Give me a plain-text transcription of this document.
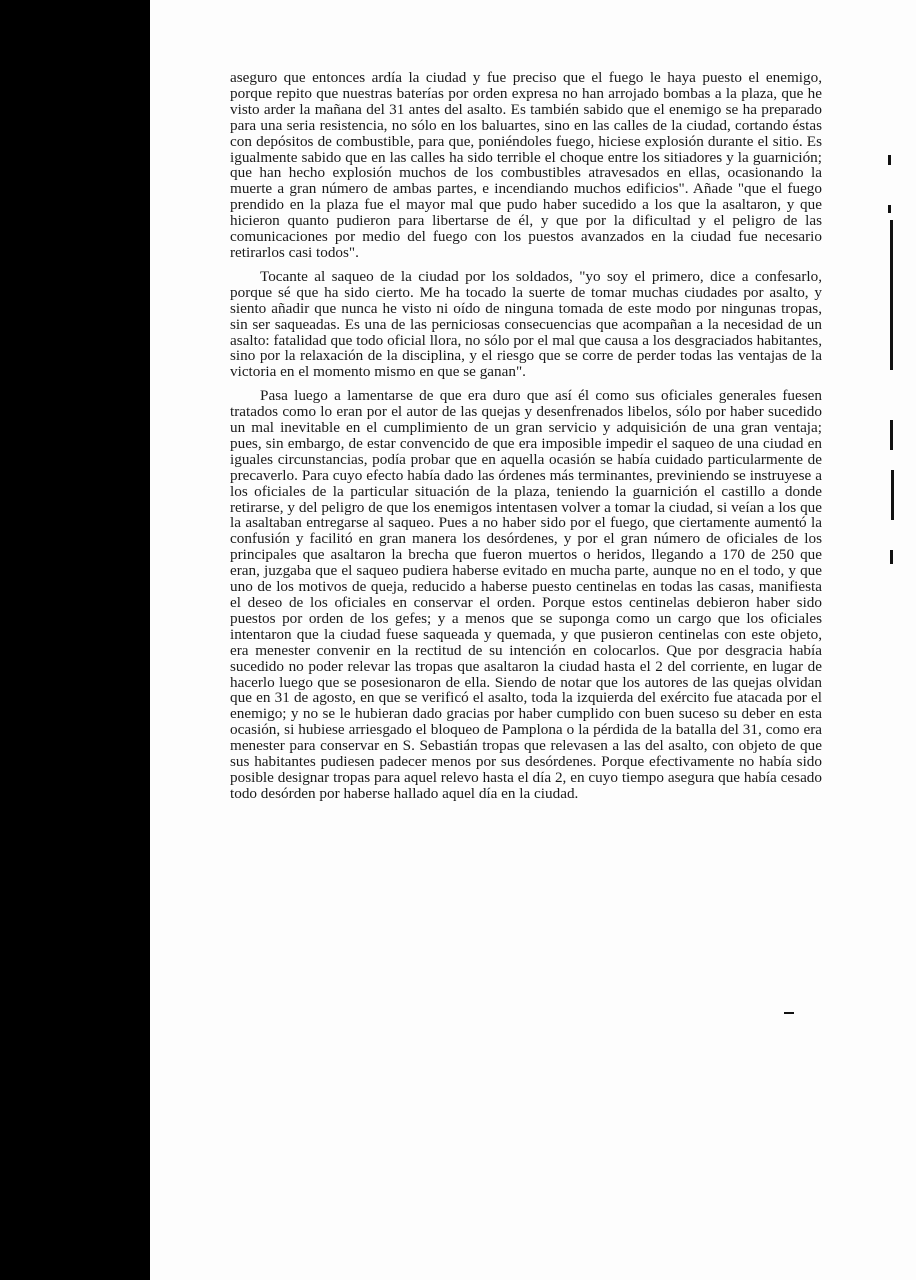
aseguro que entonces ardía la ciudad y fue preciso que el fuego le haya puesto el enemigo, porque repito que nuestras baterías por orden expresa no han arrojado bombas a la plaza, que he visto arder la mañana del 31 antes del asalto. Es también sabido que el enemigo se ha preparado para una seria resistencia, no sólo en los baluartes, sino en las calles de la ciudad, cortando éstas con depósitos de combustible, para que, poniéndoles fuego, hiciese explosión durante el sitio. Es igualmente sabido que en las calles ha sido terrible el choque entre los sitiadores y la guarnición; que han hecho explosión muchos de los combustibles atravesados en ellas, ocasionando la muerte a gran número de ambas partes, e incendiando muchos edificios". Añade "que el fuego prendido en la plaza fue el mayor mal que pudo haber sucedido a los que la asaltaron, y que hicieron quanto pudieron para libertarse de él, y que por la dificultad y el peligro de las comunicaciones por medio del fuego con los puestos avanzados en la ciudad fue necesario retirarlos casi todos".

Tocante al saqueo de la ciudad por los soldados, "yo soy el primero, dice a confesarlo, porque sé que ha sido cierto. Me ha tocado la suerte de tomar muchas ciudades por asalto, y siento añadir que nunca he visto ni oído de ninguna tomada de este modo por ningunas tropas, sin ser saqueadas. Es una de las perniciosas consecuencias que acompañan a la necesidad de un asalto: fatalidad que todo oficial llora, no sólo por el mal que causa a los desgraciados habitantes, sino por la relaxación de la disciplina, y el riesgo que se corre de perder todas las ventajas de la victoria en el momento mismo en que se ganan".

Pasa luego a lamentarse de que era duro que así él como sus oficiales generales fuesen tratados como lo eran por el autor de las quejas y desenfrenados libelos, sólo por haber sucedido un mal inevitable en el cumplimiento de un gran servicio y adquisición de una gran ventaja; pues, sin embargo, de estar convencido de que era imposible impedir el saqueo de una ciudad en iguales circunstancias, podía probar que en aquella ocasión se había cuidado particularmente de precaverlo. Para cuyo efecto había dado las órdenes más terminantes, previniendo se instruyese a los oficiales de la particular situación de la plaza, teniendo la guarnición el castillo a donde retirarse, y del peligro de que los enemigos intentasen volver a tomar la ciudad, si veían a los que la asaltaban entregarse al saqueo. Pues a no haber sido por el fuego, que ciertamente aumentó la confusión y facilitó en gran manera los desórdenes, y por el gran número de oficiales de los principales que asaltaron la brecha que fueron muertos o heridos, llegando a 170 de 250 que eran, juzgaba que el saqueo pudiera haberse evitado en mucha parte, aunque no en el todo, y que uno de los motivos de queja, reducido a haberse puesto centinelas en todas las casas, manifiesta el deseo de los oficiales en conservar el orden. Porque estos centinelas debieron haber sido puestos por orden de los gefes; y a menos que se suponga como un cargo que los oficiales intentaron que la ciudad fuese saqueada y quemada, y que pusieron centinelas con este objeto, era menester convenir en la rectitud de su intención en colocarlos. Que por desgracia había sucedido no poder relevar las tropas que asaltaron la ciudad hasta el 2 del corriente, en lugar de hacerlo luego que se posesionaron de ella. Siendo de notar que los autores de las quejas olvidan que en 31 de agosto, en que se verificó el asalto, toda la izquierda del exército fue atacada por el enemigo; y no se le hubieran dado gracias por haber cumplido con buen suceso su deber en esta ocasión, si hubiese arriesgado el bloqueo de Pamplona o la pérdida de la batalla del 31, como era menester para conservar en S. Sebastián tropas que relevasen a las del asalto, con objeto de que sus habitantes pudiesen padecer menos por sus desórdenes. Porque efectivamente no había sido posible designar tropas para aquel relevo hasta el día 2, en cuyo tiempo asegura que había cesado todo desórden por haberse hallado aquel día en la ciudad.
